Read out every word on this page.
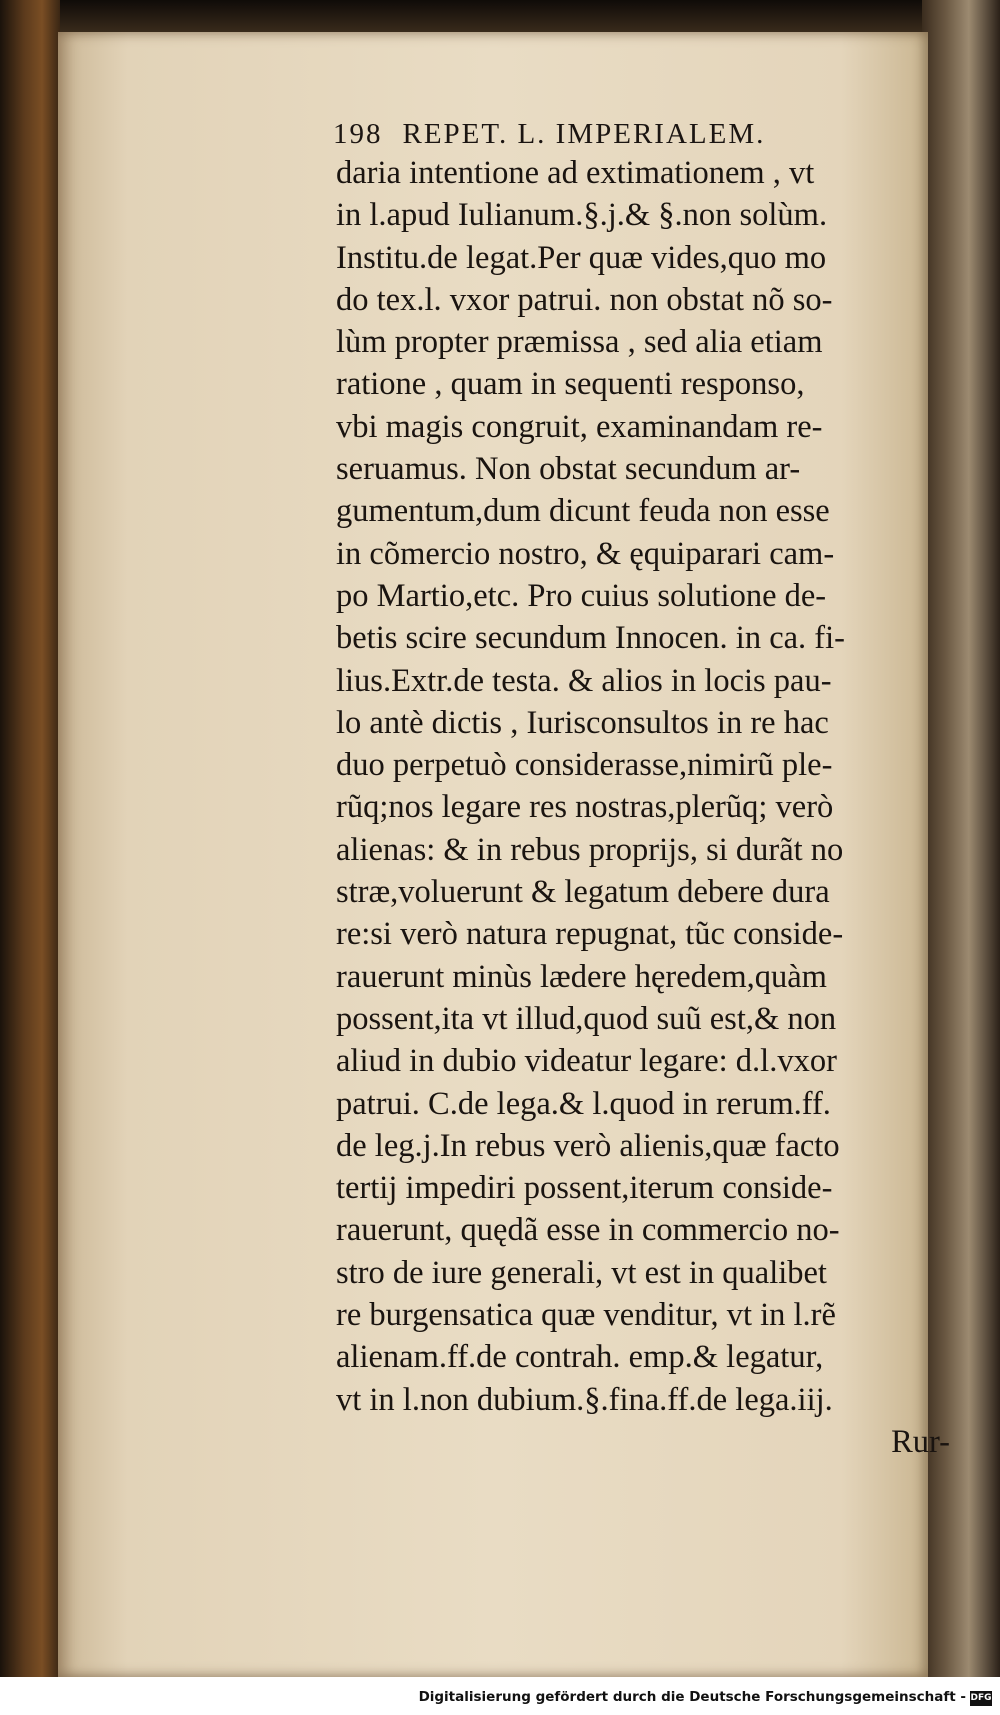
198 REPET. L. IMPERIALEM.
daria intentione ad extimationem , vt
in l.apud Iulianum.§.j.& §.non solùm.
Institu.de legat.Per quæ vides,quo mo
do tex.l. vxor patrui. non obstat nõ so-
lùm propter præmissa , sed alia etiam
ratione , quam in sequenti responso,
vbi magis congruit, examinandam re-
seruamus. Non obstat secundum ar-
gumentum,dum dicunt feuda non esse
in cõmercio nostro, & ęquiparari cam-
po Martio,etc. Pro cuius solutione de-
betis scire secundum Innocen. in ca. fi-
lius.Extr.de testa. & alios in locis pau-
lo antè dictis , Iurisconsultos in re hac
duo perpetuò considerasse,nimirũ ple-
rũq;nos legare res nostras,plerũq; verò
alienas: & in rebus proprijs, si durãt no
stræ,voluerunt & legatum debere dura
re:si verò natura repugnat, tũc conside-
rauerunt minùs lædere hęredem,quàm
possent,ita vt illud,quod suũ est,& non
aliud in dubio videatur legare: d.l.vxor
patrui. C.de lega.& l.quod in rerum.ff.
de leg.j.In rebus verò alienis,quæ facto
tertij impediri possent,iterum conside-
rauerunt, quędã esse in commercio no-
stro de iure generali, vt est in qualibet
re burgensatica quæ venditur, vt in l.rẽ
alienam.ff.de contrah. emp.& legatur,
vt in l.non dubium.§.fina.ff.de lega.iij.
Rur-
Digitalisierung gefördert durch die Deutsche Forschungsgemeinschaft - DFG
